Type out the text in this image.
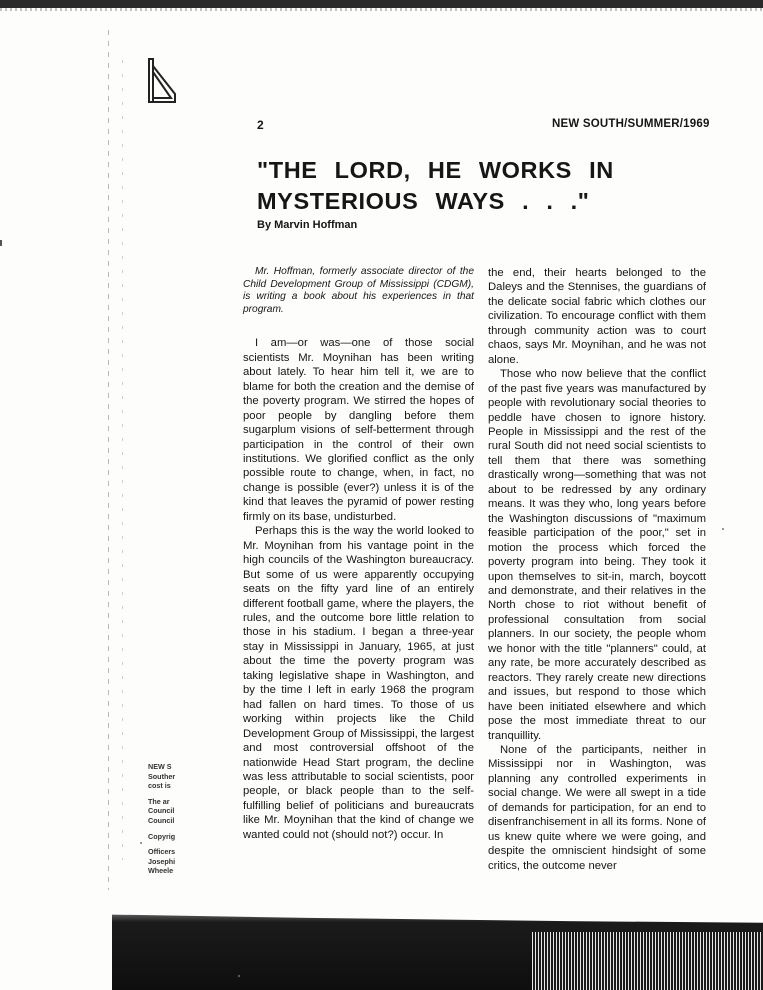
2	NEW SOUTH/SUMMER/1969
"THE LORD, HE WORKS IN MYSTERIOUS WAYS . . ."
By Marvin Hoffman

Mr. Hoffman, formerly associate director of the Child Development Group of Mississippi (CDGM), is writing a book about his experiences in that program.

I am—or was—one of those social scientists Mr. Moynihan has been writing about lately. To hear him tell it, we are to blame for both the creation and the demise of the poverty program. We stirred the hopes of poor people by dangling before them sugarplum visions of self-betterment through participation in the control of their own institutions. We glorified conflict as the only possible route to change, when, in fact, no change is possible (ever?) unless it is of the kind that leaves the pyramid of power resting firmly on its base, undisturbed.

Perhaps this is the way the world looked to Mr. Moynihan from his vantage point in the high councils of the Washington bureaucracy. But some of us were apparently occupying seats on the fifty yard line of an entirely different football game, where the players, the rules, and the outcome bore little relation to those in his stadium. I began a three-year stay in Mississippi in January, 1965, at just about the time the poverty program was taking legislative shape in Washington, and by the time I left in early 1968 the program had fallen on hard times. To those of us working within projects like the Child Development Group of Mississippi, the largest and most controversial offshoot of the nationwide Head Start program, the decline was less attributable to social scientists, poor people, or black people than to the self-fulfilling belief of politicians and bureaucrats like Mr. Moynihan that the kind of change we wanted could not (should not?) occur. In

the end, their hearts belonged to the Daleys and the Stennises, the guardians of the delicate social fabric which clothes our civilization. To encourage conflict with them through community action was to court chaos, says Mr. Moynihan, and he was not alone.

Those who now believe that the conflict of the past five years was manufactured by people with revolutionary social theories to peddle have chosen to ignore history. People in Mississippi and the rest of the rural South did not need social scientists to tell them that there was something drastically wrong—something that was not about to be redressed by any ordinary means. It was they who, long years before the Washington discussions of "maximum feasible participation of the poor," set in motion the process which forced the poverty program into being. They took it upon themselves to sit-in, march, boycott and demonstrate, and their relatives in the North chose to riot without benefit of professional consultation from social planners. In our society, the people whom we honor with the title "planners" could, at any rate, be more accurately described as reactors. They rarely create new directions and issues, but respond to those which have been initiated elsewhere and which pose the most immediate threat to our tranquillity.

None of the participants, neither in Mississippi nor in Washington, was planning any controlled experiments in social change. We were all swept in a tide of demands for participation, for an end to disenfranchisement in all its forms. None of us knew quite where we were going, and despite the omniscient hindsight of some critics, the outcome never

NEW S
Souther
cost is
The ar
Council
Council
Copyrig
Officers
Josephi
Wheele
